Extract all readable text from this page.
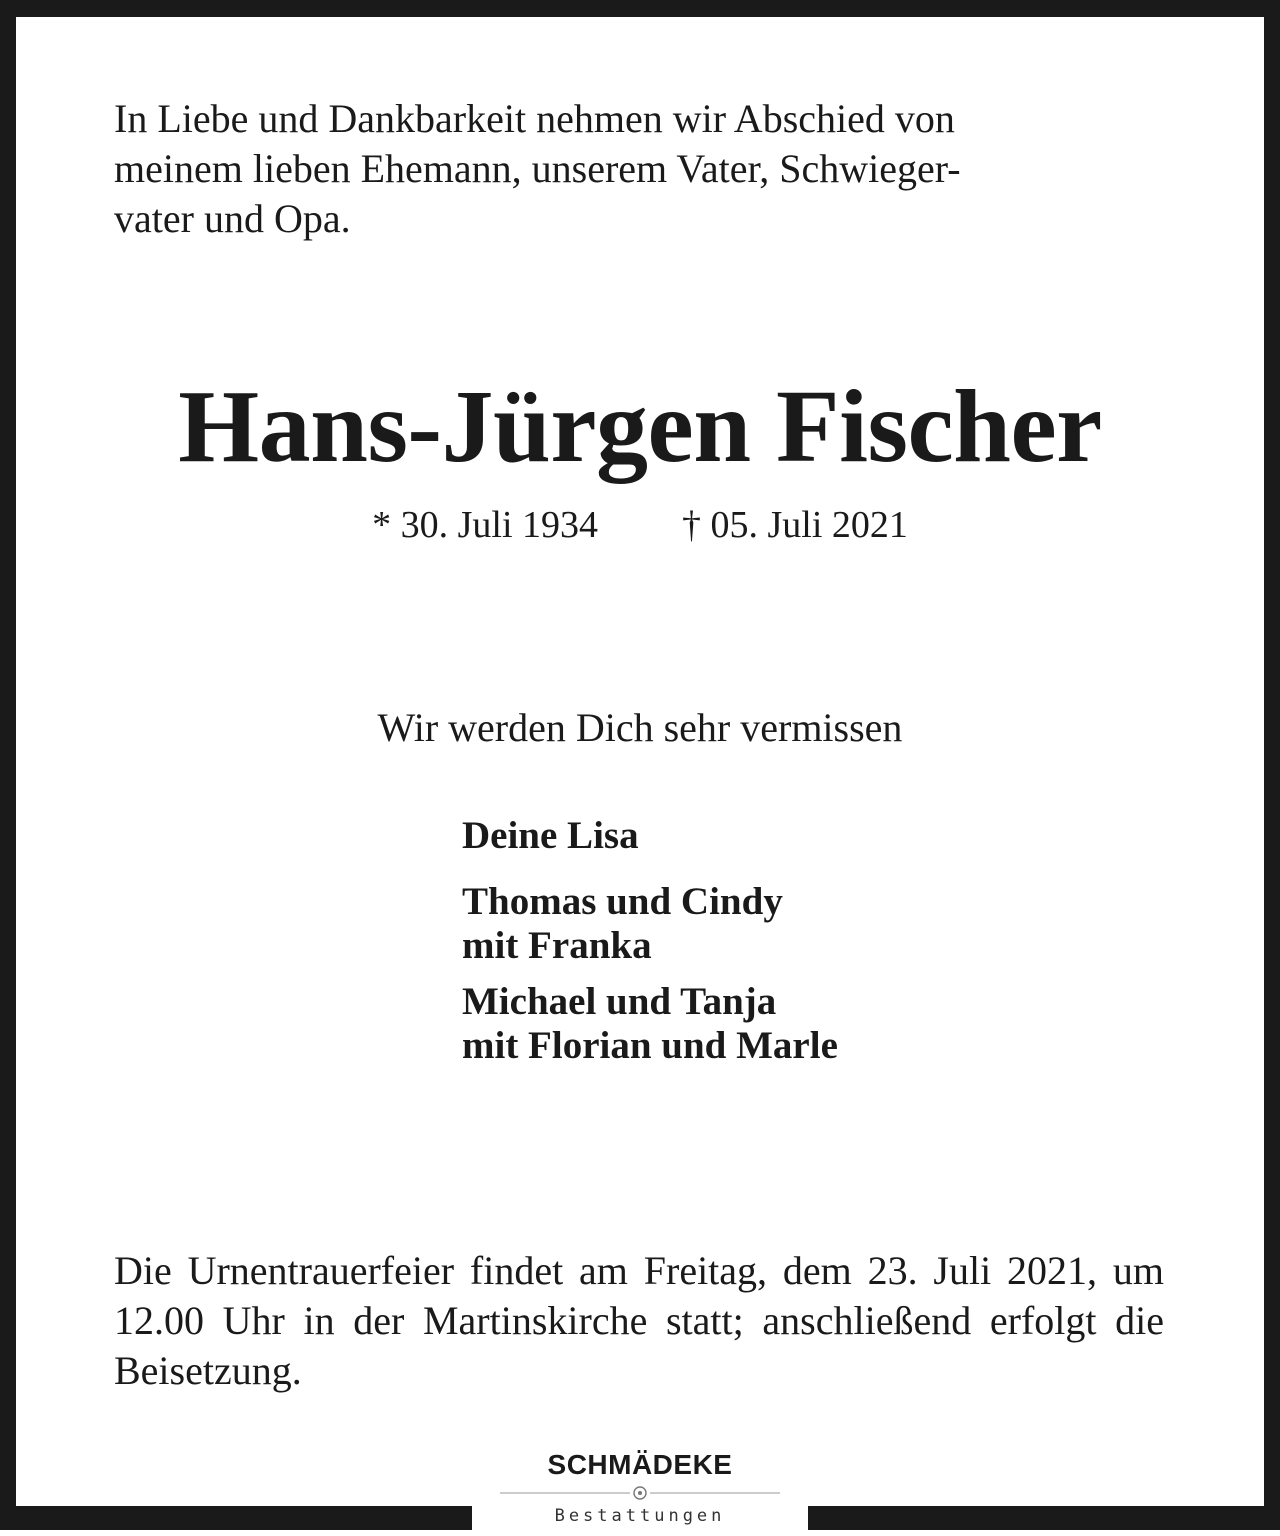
In Liebe und Dankbarkeit nehmen wir Abschied von
meinem lieben Ehemann, unserem Vater, Schwieger-
vater und Opa.
Hans-Jürgen Fischer
* 30. Juli 1934 † 05. Juli 2021
Wir werden Dich sehr vermissen
Deine Lisa
Thomas und Cindy
mit Franka
Michael und Tanja
mit Florian und Marle
Die Urnentrauerfeier findet am Freitag, dem 23. Juli 2021, um 12.00 Uhr in der Martinskirche statt; anschließend erfolgt die Beisetzung.
SCHMÄDEKE
Bestattungen
